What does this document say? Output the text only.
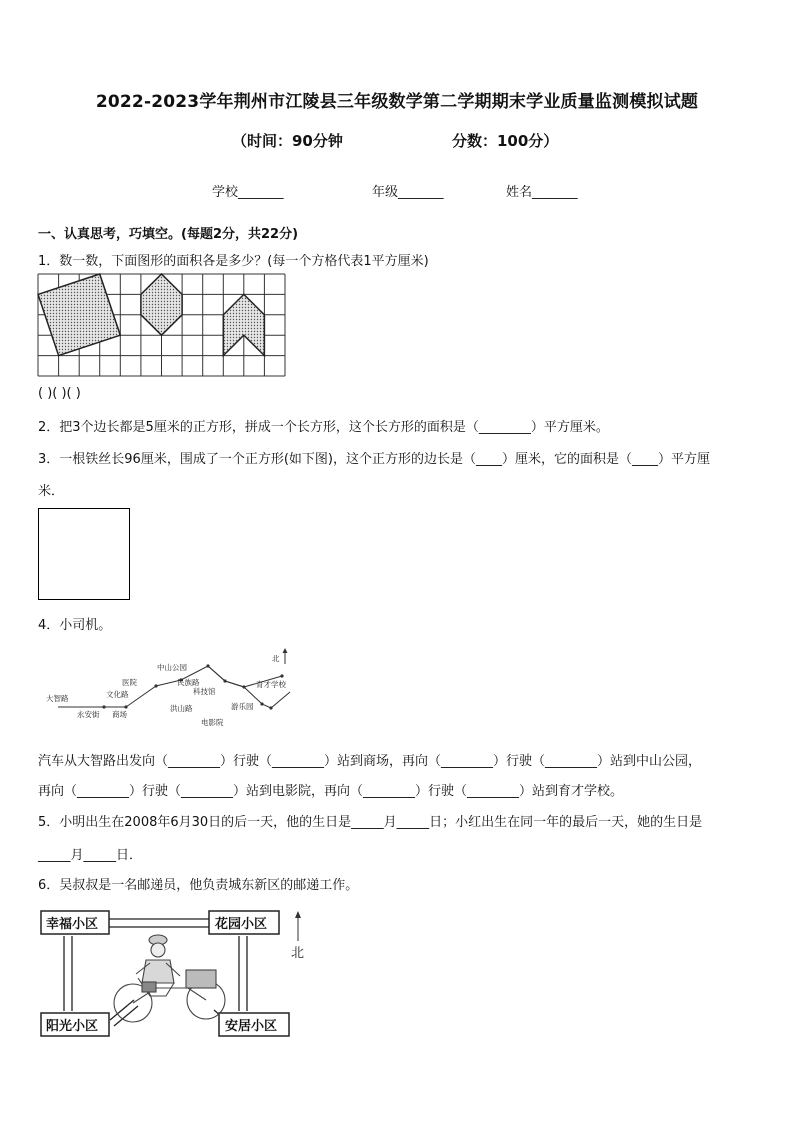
2022-2023学年荆州市江陵县三年级数学第二学期期末学业质量监测模拟试题
（时间：90分钟	分数：100分）
学校_______	年级_______	姓名_______
一、认真思考，巧填空。(每题2分，共22分)
1．数一数，下面图形的面积各是多少？(每一个方格代表1平方厘米)
( )( )( )
2．把3个边长都是5厘米的正方形，拼成一个长方形，这个长方形的面积是（________）平方厘米。
3．一根铁丝长96厘米，围成了一个正方形(如下图)，这个正方形的边长是（____）厘米，它的面积是（____）平方厘
米．
4．小司机。
北
大智路
永安街 商场
文化路
医院
中山公园
民族路
科技馆
洪山路
电影院
游乐园
育才学校
汽车从大智路出发向（________）行驶（________）站到商场，再向（________）行驶（________）站到中山公园，
再向（________）行驶（________）站到电影院，再向（________）行驶（________）站到育才学校。
5．小明出生在2008年6月30日的后一天，他的生日是_____月_____日；小红出生在同一年的最后一天，她的生日是
_____月_____日．
6．吴叔叔是一名邮递员，他负责城东新区的邮递工作。
幸福小区	花园小区
阳光小区	安居小区
北
